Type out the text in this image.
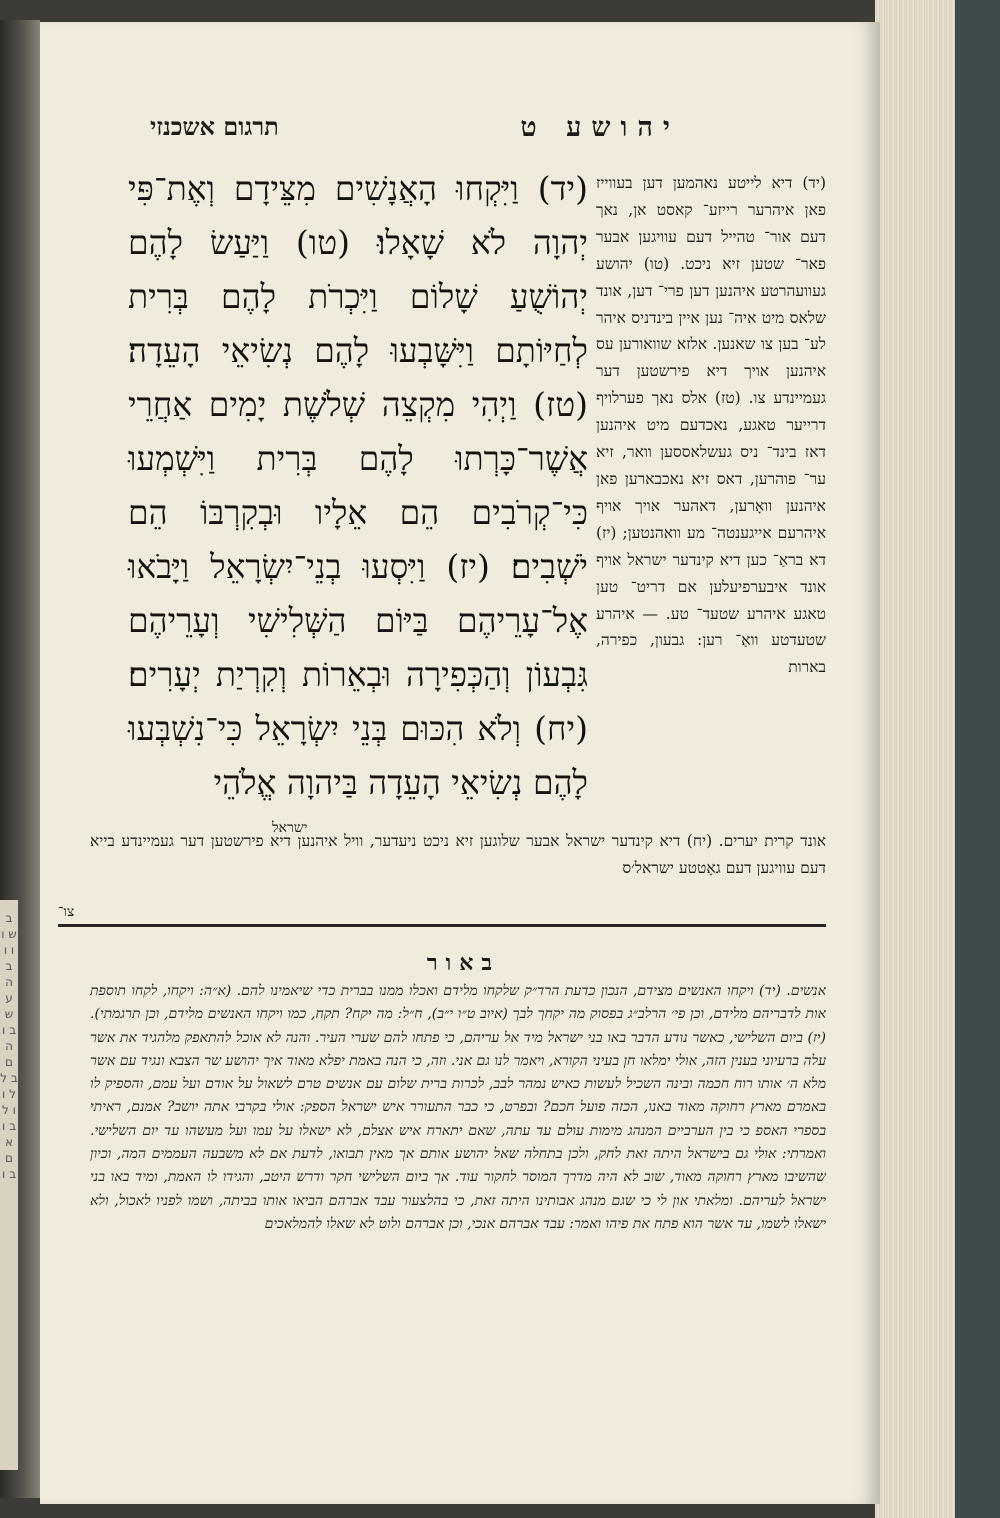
ב ש ו ו ו ב ה ע ש ב ו ה ם ב ל ל ו ו ל ב ו א ם ב ו
יהושע ט
תרגום אשכנזי

(יד) וַיִּקְחוּ הָאֲנָשִׁים מִצֵּידָם וְאֶת־פִּי יְהוָה לֹא שָׁאָלוּ׃ (טו) וַיַּעַשׂ לָהֶם יְהוֹשֻׁעַ שָׁלוֹם וַיִּכְרֹת לָהֶם בְּרִית לְחַיּוֹתָם וַיִּשָּׁבְעוּ לָהֶם נְשִׂיאֵי הָעֵדָה׃ (טז) וַיְהִי מִקְצֵה שְׁלֹשֶׁת יָמִים אַחֲרֵי אֲשֶׁר־כָּרְתוּ לָהֶם בְּרִית וַיִּשְׁמְעוּ כִּי־קְרֹבִים הֵם אֵלָיו וּבְקִרְבּוֹ הֵם יֹשְׁבִים׃ (יז) וַיִּסְעוּ בְנֵי־יִשְׂרָאֵל וַיָּבֹאוּ אֶל־עָרֵיהֶם בַּיּוֹם הַשְּׁלִישִׁי וְעָרֵיהֶם גִּבְעוֹן וְהַכְּפִירָה וּבְאֵרוֹת וְקִרְיַת יְעָרִים׃ (יח) וְלֹא הִכּוּם בְּנֵי יִשְׂרָאֵל כִּי־נִשְׁבְּעוּ לָהֶם נְשִׂיאֵי הָעֵדָה בַּיהוָה אֱלֹהֵי

ישראל

(יד) דיא לייטע נאהמען דען בעווייז פאן איהרער רייזע־ קאסט אן, נאך דעם אור־ טהייל דעם עוויגען אבער פאר־ שטען זיא ניכט. (טו) יהושע געוועהרטע איהנען דען פרי־ דען, אונד שלאס מיט איה־ נען איין בינדניס איהר לע־ בען צו שאנען. אלזא שוואורען עס איהנען אויך דיא פירשטען דער געמיינדע צו. (טז) אלס נאך פערלויף דרייער טאגע, נאכדעם מיט איהנען דאז בינד־ ניס געשלאססען וואר, זיא ער־ פוהרען, דאס זיא נאכבארען פאן איהנען וואָרען, דאהער אויך אויף איהרעם אייגענטה־ מע וואהנטען; (יז) דא בראַ־ כען דיא קינדער ישראל אויף אונד איבערפיעלען אם דריט־ טען טאגע איהרע שטעד־ טע. — איהרע שטעדטע וואַ־ רען: גבעון, כפירה, בארות

אונד קרית יערים. (יח) דיא קינדער ישראל אבער שלוגען זיא ניכט ניעדער, וויל איהנען דיא פירשטען דער געמיינדע בייא דעם עוויגען דעם גאָטטע ישראל׳ס

צו־
באור

אנשים. (יד) ויקחו האנשים מצידם, הנכון כדעת הרד״ק שלקחו מלידם ואכלו ממנו בברית כדי שיאמינו להם. (א״ה: ויקחו, לקחו תוספת אות לדבריהם מלידם, וכן פי׳ הרלב״ג בפסוק מה יקחך לבך (איוב ט״ו י״ב), ח״ל: מה יקח? תקח, כמו ויקחו האנשים מלידם, וכן תרגמתי). (יז) ביום השלישי, כאשר נודע הדבר באו בני ישראל מיד אל עריהם, כי פתחו להם שערי העיר. והנה לא אוכל להתאפק מלהגיד את אשר עלה ברעיוני בענין הזה, אולי ימלאו חן בעיני הקורא, ויאמר לנו גם אני. וזה, כי הנה באמת יפלא מאוד איך יהושע שר הצבא ונגיד עם אשר מלא ה׳ אותו רוח חכמה ובינה השכיל לעשות כאיש נמהר לבב, לכרות ברית שלום עם אנשים טרם לשאול על אודם ועל עמם, והספיק לו באמרם מארץ רחוקה מאוד באנו, הכזה פועל חכם? ובפרט, כי כבר התעורר איש ישראל הספק: אולי בקרבי אתה יושב? אמנם, ראיתי בספרי האספ כי בין הערביים המנהג מימות עולם עד עתה, שאם יתארח איש אצלם, לא ישאלו על עמו ועל מעשהו עד יום השלישי. ואמרתי: אולי גם בישראל היתה זאת לחק, ולכן בתחלה שאל יהושע אותם אך מאין תבואו, לדעת אם לא משבעה העממים המה, וכיון שהשיבו מארץ רחוקה מאוד, שוב לא היה מדרך המוסר לחקור עוד. אך ביום השלישי חקר ודרש היטב, והגידו לו האמת, ומיד באו בני ישראל לעריהם. ומלאתי און לי כי שגם מנהג אבותינו היתה זאת, כי בהלצעור עבד אברהם הביאו אותו בביתה, ושמו לפניו לאכול, ולא ישאלו לשמו, עד אשר הוא פתח את פיהו ואמר: עבד אברהם אנכי, וכן אברהם ולוט לא שאלו להמלאכים
